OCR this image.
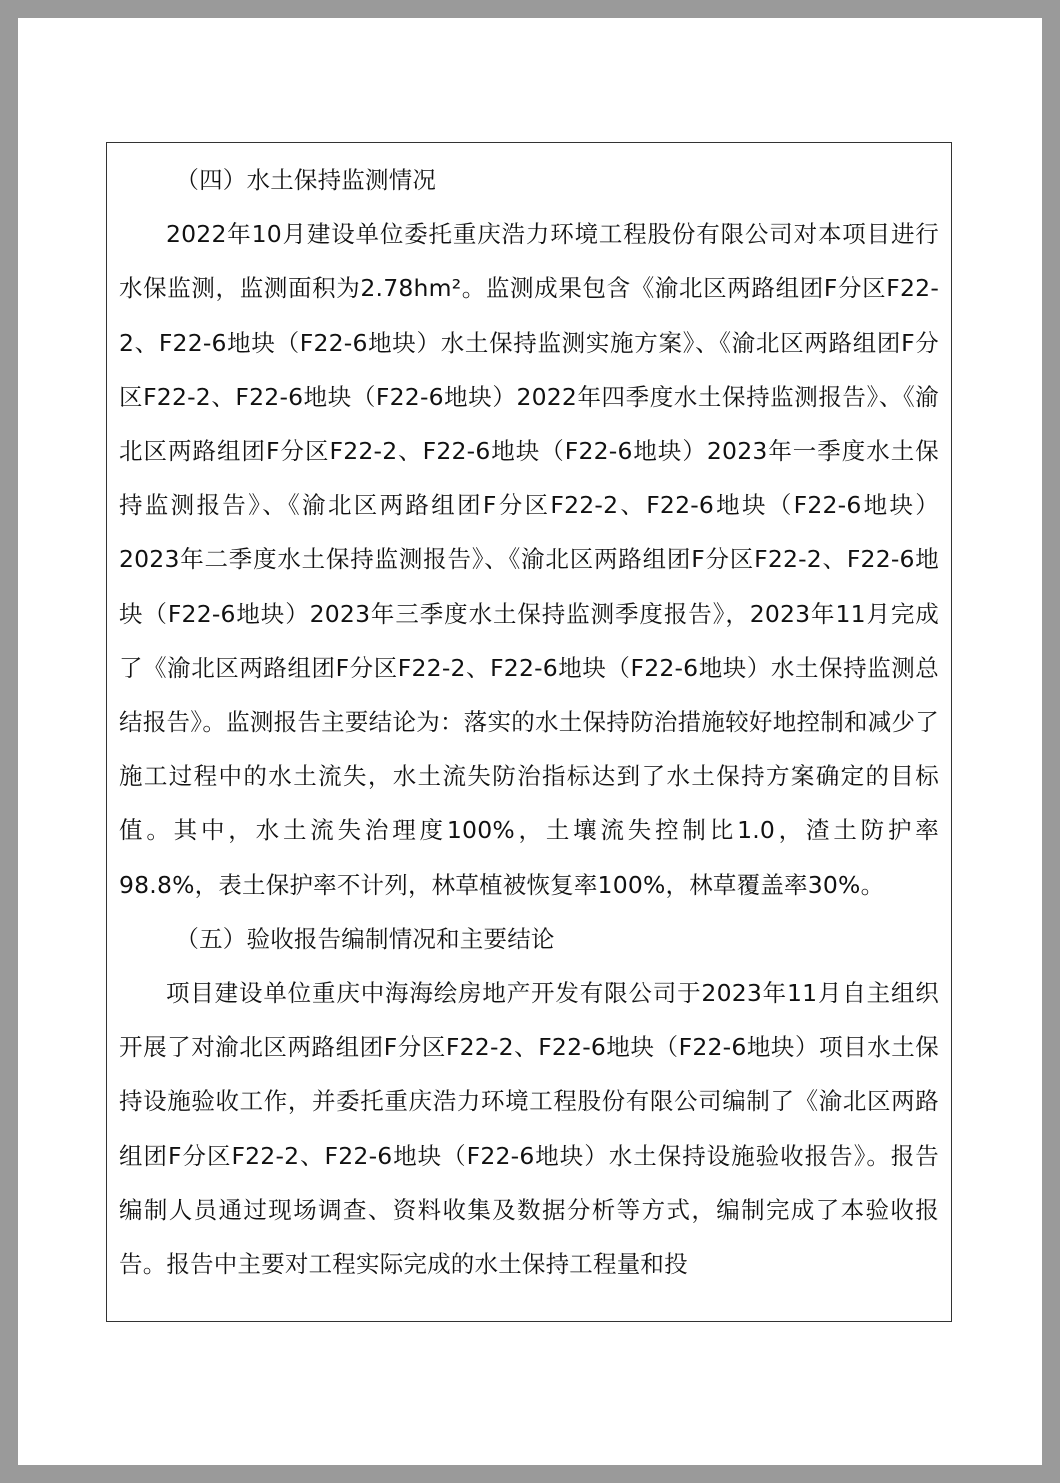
（四）水土保持监测情况

2022年10月建设单位委托重庆浩力环境工程股份有限公司对本项目进行水保监测，监测面积为2.78hm²。监测成果包含《渝北区两路组团F分区F22-2、F22-6地块（F22-6地块）水土保持监测实施方案》、《渝北区两路组团F分区F22-2、F22-6地块（F22-6地块）2022年四季度水土保持监测报告》、《渝北区两路组团F分区F22-2、F22-6地块（F22-6地块）2023年一季度水土保持监测报告》、《渝北区两路组团F分区F22-2、F22-6地块（F22-6地块）2023年二季度水土保持监测报告》、《渝北区两路组团F分区F22-2、F22-6地块（F22-6地块）2023年三季度水土保持监测季度报告》，2023年11月完成了《渝北区两路组团F分区F22-2、F22-6地块（F22-6地块）水土保持监测总结报告》。监测报告主要结论为：落实的水土保持防治措施较好地控制和减少了施工过程中的水土流失，水土流失防治指标达到了水土保持方案确定的目标值。其中，水土流失治理度100%，土壤流失控制比1.0，渣土防护率98.8%，表土保护率不计列，林草植被恢复率100%，林草覆盖率30%。

（五）验收报告编制情况和主要结论

项目建设单位重庆中海海绘房地产开发有限公司于2023年11月自主组织开展了对渝北区两路组团F分区F22-2、F22-6地块（F22-6地块）项目水土保持设施验收工作，并委托重庆浩力环境工程股份有限公司编制了《渝北区两路组团F分区F22-2、F22-6地块（F22-6地块）水土保持设施验收报告》。报告编制人员通过现场调查、资料收集及数据分析等方式，编制完成了本验收报告。报告中主要对工程实际完成的水土保持工程量和投
